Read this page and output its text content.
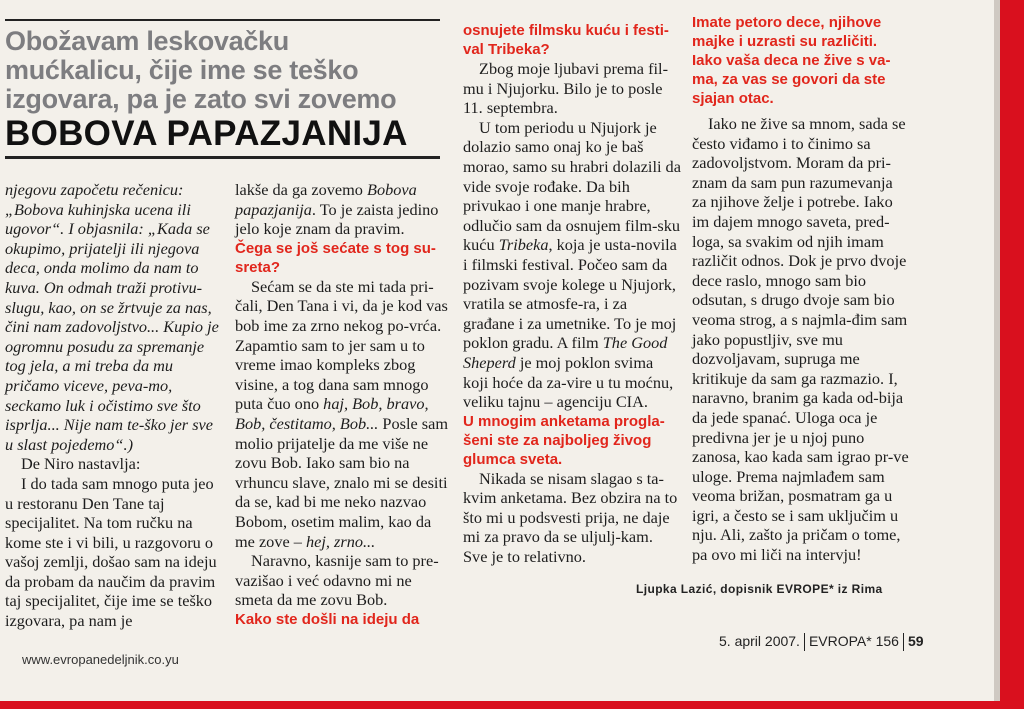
Obožavam leskovačku
mućkalicu, čije ime se teško
izgovara, pa je zato svi zovemo
BOBOVA PAPAZJANIJA

njegovu započetu rečenicu: „Bobova kuhinjska ucena ili ugovor“. I objasnila: „Kada se okupimo, prijatelji ili njegova deca, onda molimo da nam to kuva. On odmah traži protivu-slugu, kao, on se žrtvuje za nas, čini nam zadovoljstvo... Kupio je ogromnu posudu za spremanje tog jela, a mi treba da mu pričamo viceve, peva-mo, seckamo luk i očistimo sve što isprlja... Nije nam te-ško jer sve u slast pojedemo“.)

De Niro nastavlja:

I do tada sam mnogo puta jeo u restoranu Den Tane taj specijalitet. Na tom ručku na kome ste i vi bili, u razgovoru o vašoj zemlji, došao sam na ideju da probam da naučim da pravim taj specijalitet, čije ime se teško izgovara, pa nam je

lakše da ga zovemo Bobova papazjanija. To je zaista jedino jelo koje znam da pravim.

Čega se još sećate s tog su-sreta?

Sećam se da ste mi tada pri-čali, Den Tana i vi, da je kod vas bob ime za zrno nekog po-vrća. Zapamtio sam to jer sam u to vreme imao kompleks zbog visine, a tog dana sam mnogo puta čuo ono haj, Bob, bravo, Bob, čestitamo, Bob... Posle sam molio prijatelje da me više ne zovu Bob. Iako sam bio na vrhuncu slave, znalo mi se desiti da se, kad bi me neko nazvao Bobom, osetim malim, kao da me zove – hej, zrno...

Naravno, kasnije sam to pre-vazišao i već odavno mi ne smeta da me zovu Bob.

Kako ste došli na ideju da

osnujete filmsku kuću i festi-val Tribeka?

Zbog moje ljubavi prema fil-mu i Njujorku. Bilo je to posle 11. septembra.

U tom periodu u Njujork je dolazio samo onaj ko je baš morao, samo su hrabri dolazili da vide svoje rođake. Da bih privukao i one manje hrabre, odlučio sam da osnujem film-sku kuću Tribeka, koja je usta-novila i filmski festival. Počeo sam da pozivam svoje kolege u Njujork, vratila se atmosfe-ra, i za građane i za umetnike. To je moj poklon gradu. A film The Good Sheperd je moj poklon svima koji hoće da za-vire u tu moćnu, veliku tajnu – agenciju CIA.

U mnogim anketama progla-šeni ste za najboljeg živog glumca sveta.

Nikada se nisam slagao s ta-kvim anketama. Bez obzira na to što mi u podsvesti prija, ne daje mi za pravo da se uljulj-kam. Sve je to relativno.

Imate petoro dece, njihove majke i uzrasti su različiti. Iako vaša deca ne žive s va-ma, za vas se govori da ste sjajan otac.

Iako ne žive sa mnom, sada se često viđamo i to činimo sa zadovoljstvom. Moram da pri-znam da sam pun razumevanja za njihove želje i potrebe. Iako im dajem mnogo saveta, pred-loga, sa svakim od njih imam različit odnos. Dok je prvo dvoje dece raslo, mnogo sam bio odsutan, s drugo dvoje sam bio veoma strog, a s najmla-đim sam jako popustljiv, sve mu dozvoljavam, supruga me kritikuje da sam ga razmazio. I, naravno, branim ga kada od-bija da jede spanać. Uloga oca je predivna jer je u njoj puno zanosa, kao kada sam igrao pr-ve uloge. Prema najmlađem sam veoma brižan, posmatram ga u igri, a često se i sam uključim u nju. Ali, zašto ja pričam o tome, pa ovo mi liči na intervju!

Ljupka Lazić, dopisnik EVROPE* iz Rima
www.evropanedeljnik.co.yu
5. april 2007. EVROPA* 156 59
